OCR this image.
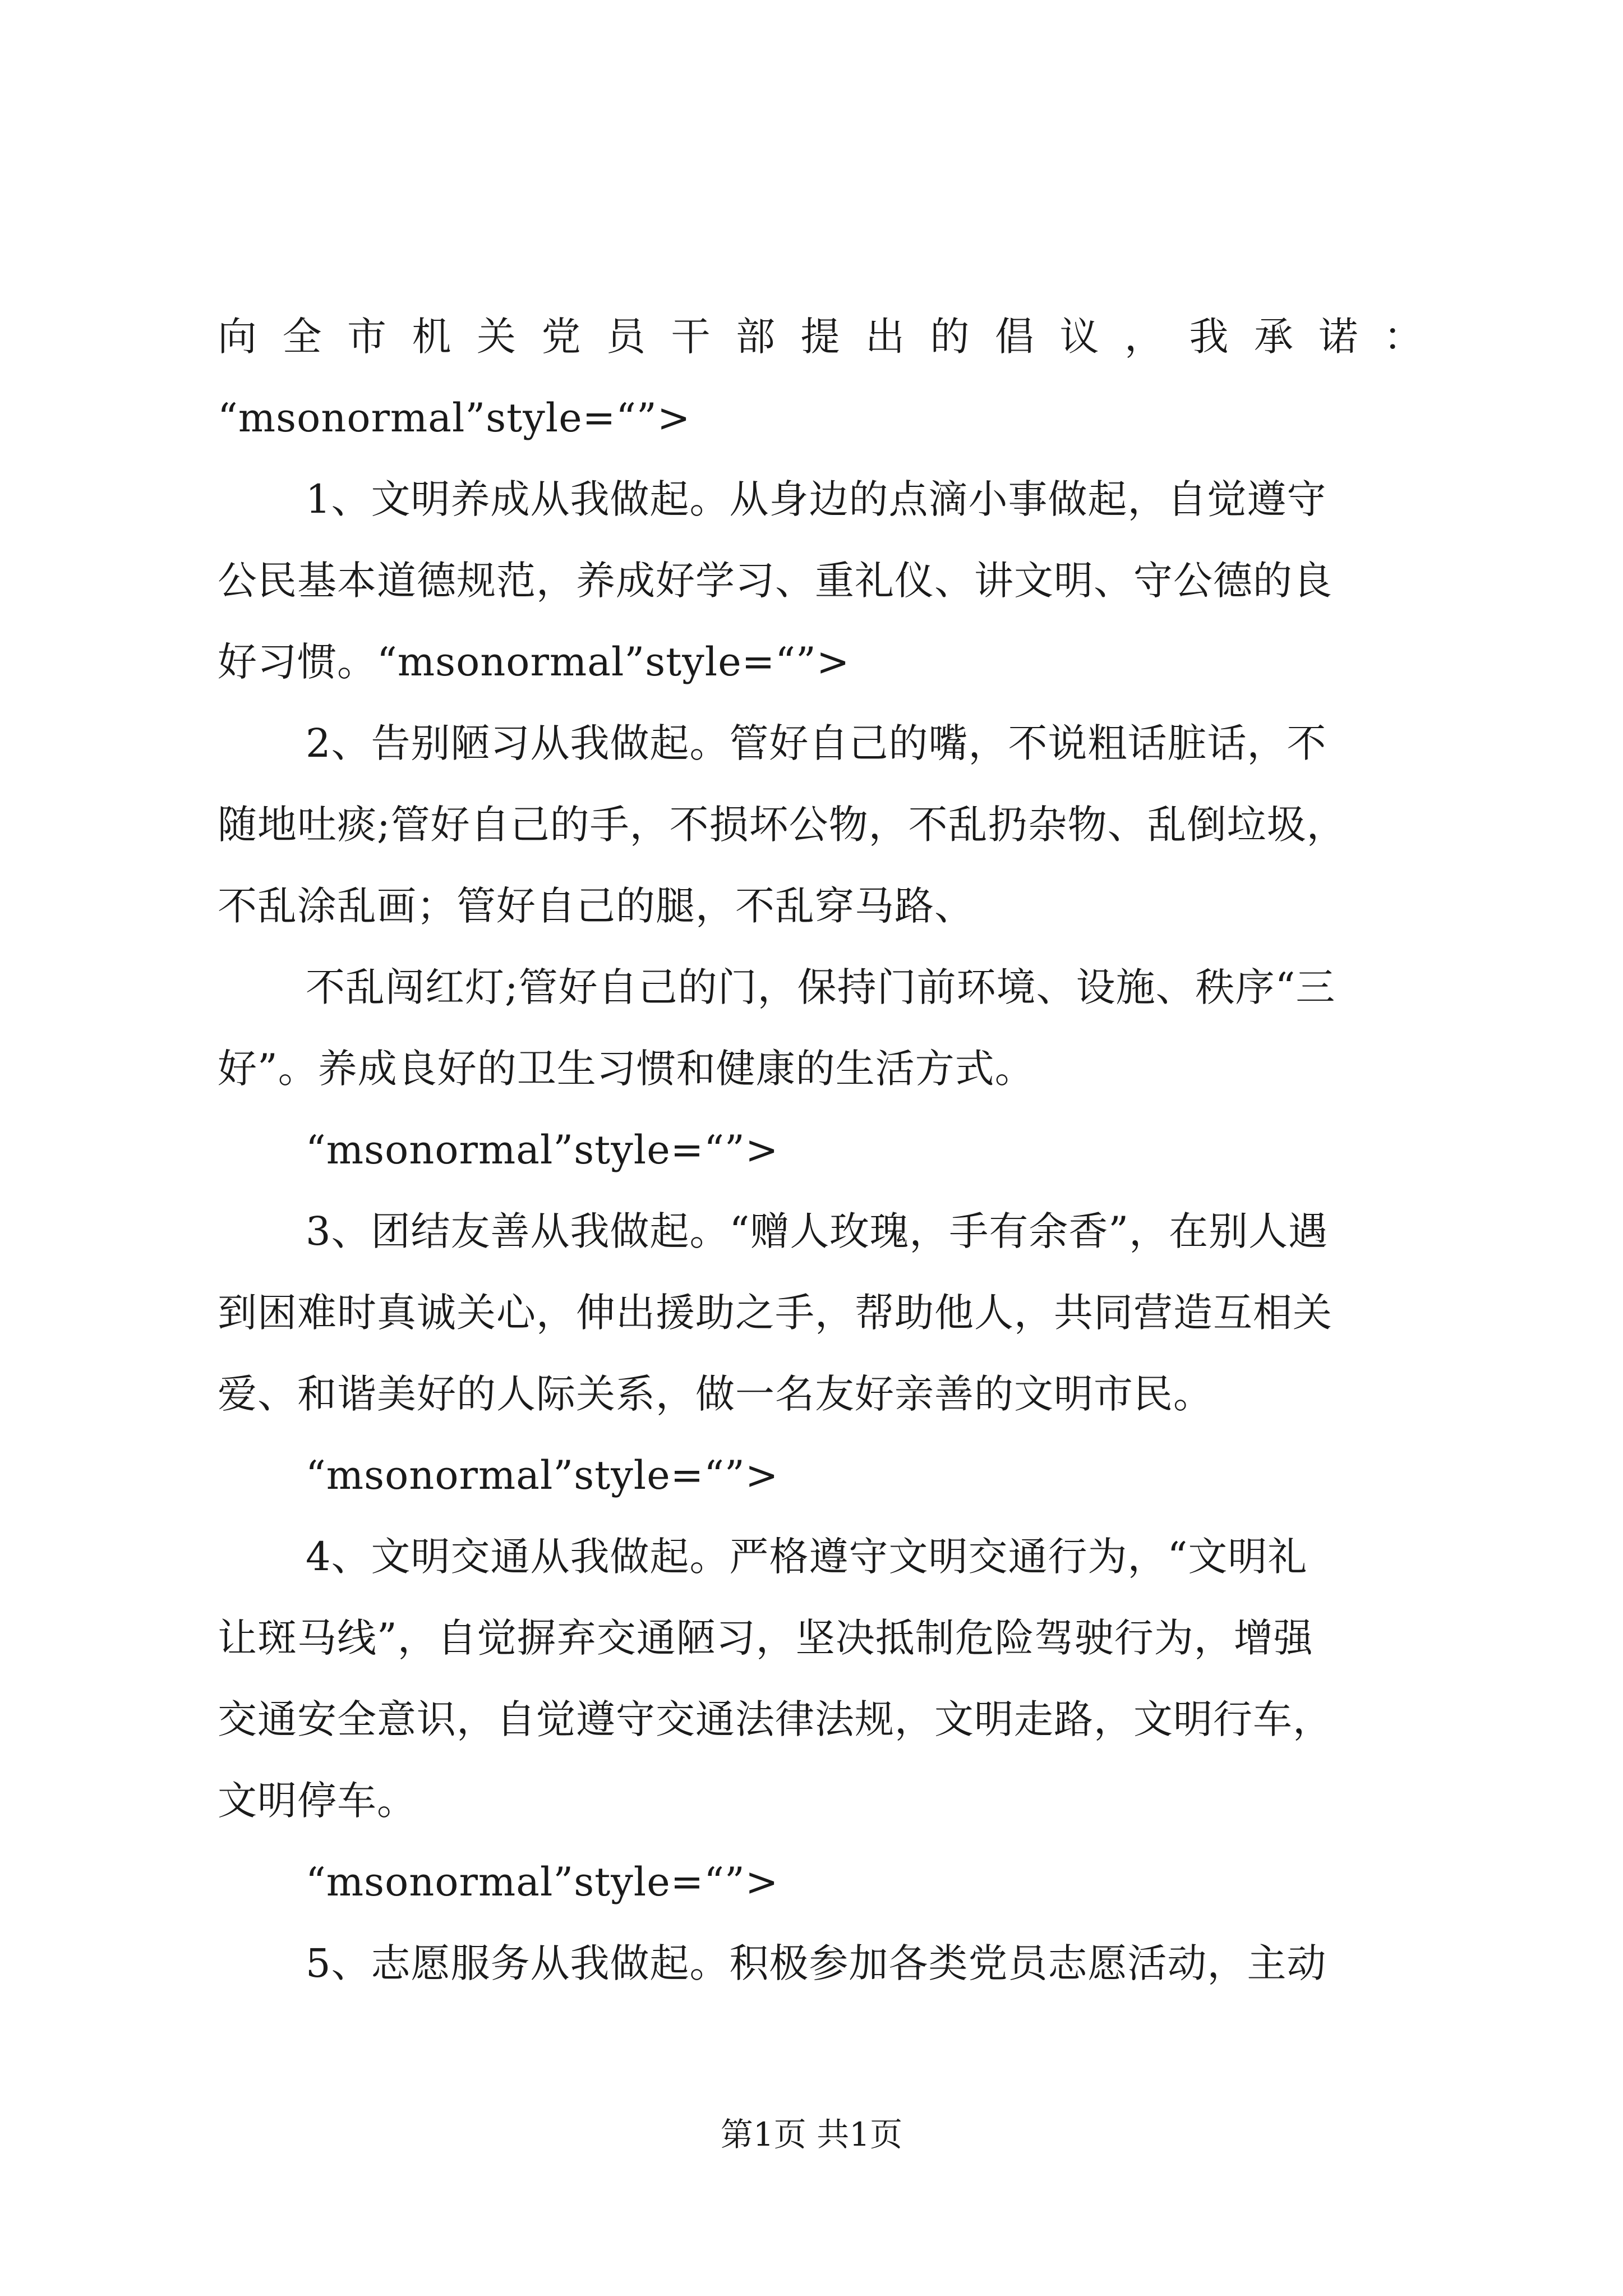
向 全 市 机 关 党 员 干 部 提 出 的 倡 议 ， 我 承 诺 ：
“msonormal”style=“”>
1、文明养成从我做起。从身边的点滴小事做起，自觉遵守
公民基本道德规范，养成好学习、重礼仪、讲文明、守公德的良
好习惯。“msonormal”style=“”>
2、告别陋习从我做起。管好自己的嘴，不说粗话脏话，不
随地吐痰;管好自己的手，不损坏公物，不乱扔杂物、乱倒垃圾，
不乱涂乱画；管好自己的腿，不乱穿马路、
不乱闯红灯;管好自己的门，保持门前环境、设施、秩序“三
好”。养成良好的卫生习惯和健康的生活方式。
“msonormal”style=“”>
3、团结友善从我做起。“赠人玫瑰，手有余香”，在别人遇
到困难时真诚关心，伸出援助之手，帮助他人，共同营造互相关
爱、和谐美好的人际关系，做一名友好亲善的文明市民。
“msonormal”style=“”>
4、文明交通从我做起。严格遵守文明交通行为，“文明礼
让斑马线”，自觉摒弃交通陋习，坚决抵制危险驾驶行为，增强
交通安全意识，自觉遵守交通法律法规，文明走路，文明行车，
文明停车。
“msonormal”style=“”>
5、志愿服务从我做起。积极参加各类党员志愿活动，主动
第1页 共1页
